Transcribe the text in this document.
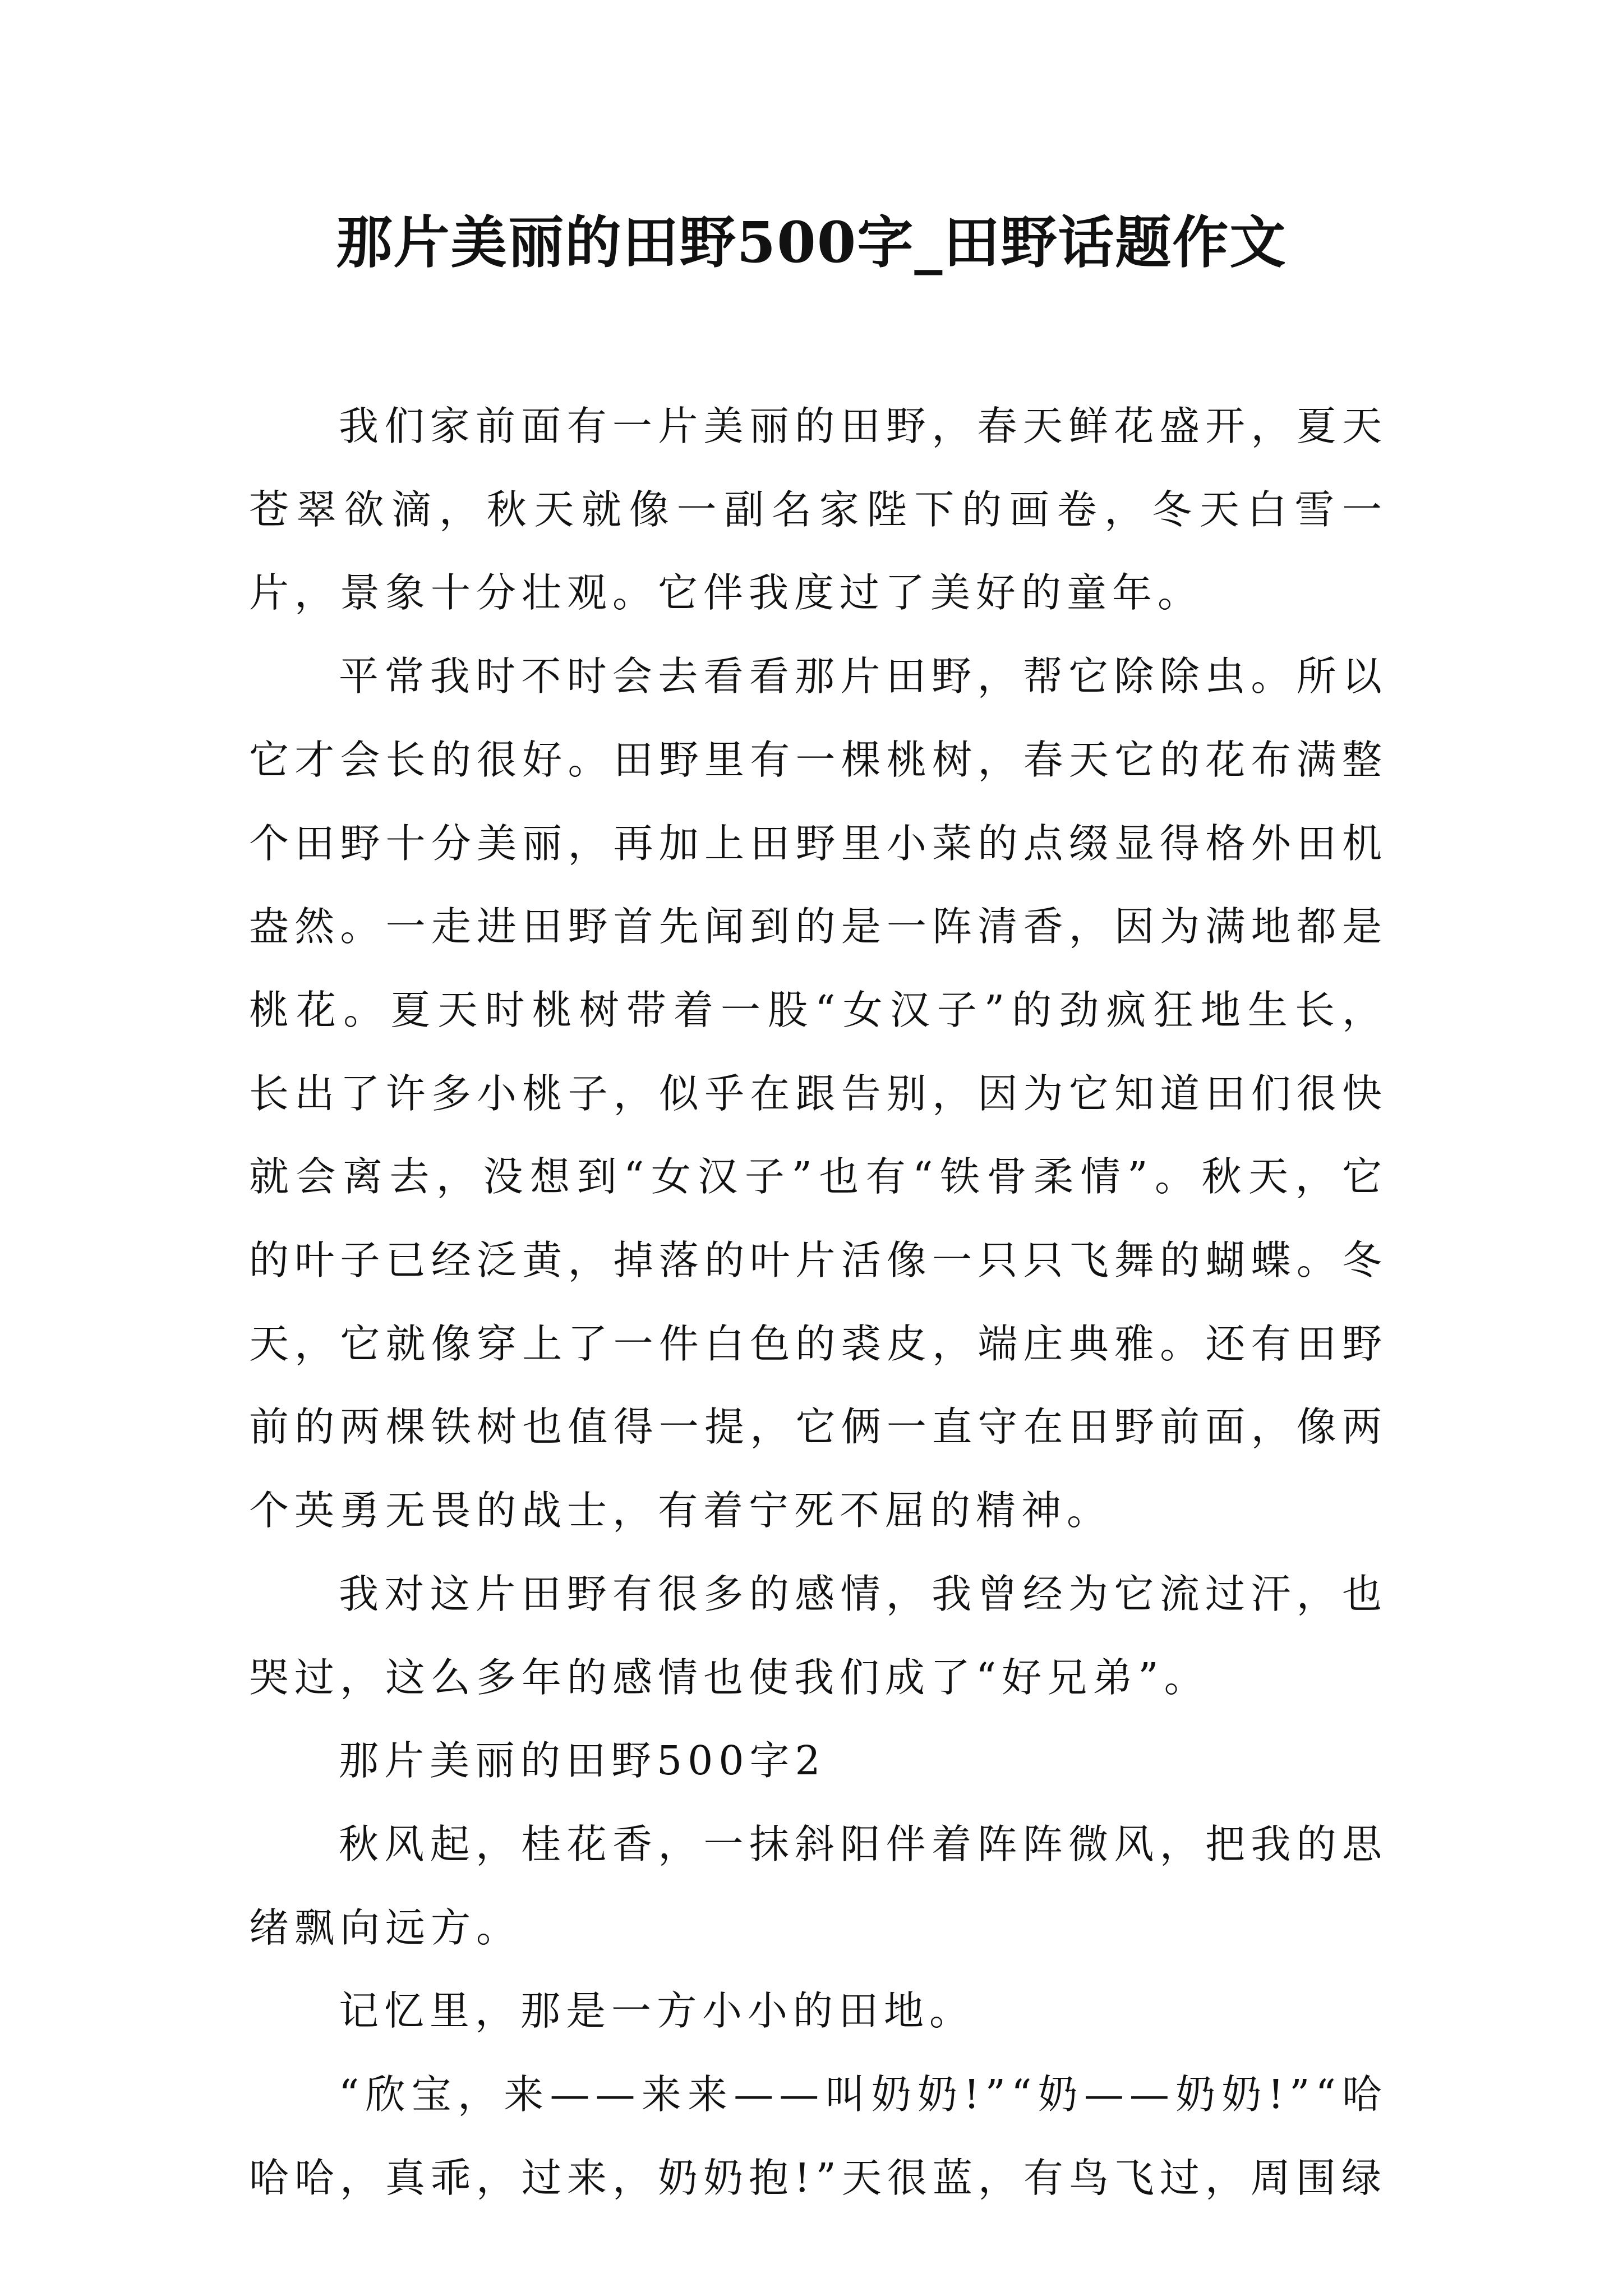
那片美丽的田野500字_田野话题作文

我们家前面有一片美丽的田野，春天鲜花盛开，夏天苍翠欲滴，秋天就像一副名家陛下的画卷，冬天白雪一片，景象十分壮观。它伴我度过了美好的童年。

平常我时不时会去看看那片田野，帮它除除虫。所以它才会长的很好。田野里有一棵桃树，春天它的花布满整个田野十分美丽，再加上田野里小菜的点缀显得格外田机盎然。一走进田野首先闻到的是一阵清香，因为满地都是桃花。夏天时桃树带着一股“女汉子”的劲疯狂地生长，长出了许多小桃子，似乎在跟告别，因为它知道田们很快就会离去，没想到“女汉子”也有“铁骨柔情”。秋天，它的叶子已经泛黄，掉落的叶片活像一只只飞舞的蝴蝶。冬天，它就像穿上了一件白色的裘皮，端庄典雅。还有田野前的两棵铁树也值得一提，它俩一直守在田野前面，像两个英勇无畏的战士，有着宁死不屈的精神。

我对这片田野有很多的感情，我曾经为它流过汗，也哭过，这么多年的感情也使我们成了“好兄弟”。

那片美丽的田野500字2

秋风起，桂花香，一抹斜阳伴着阵阵微风，把我的思绪飘向远方。

记忆里，那是一方小小的田地。

“欣宝，来——来来——叫奶奶!”“奶——奶奶!”“哈哈哈，真乖，过来，奶奶抱!”天很蓝，有鸟飞过，周围绿
